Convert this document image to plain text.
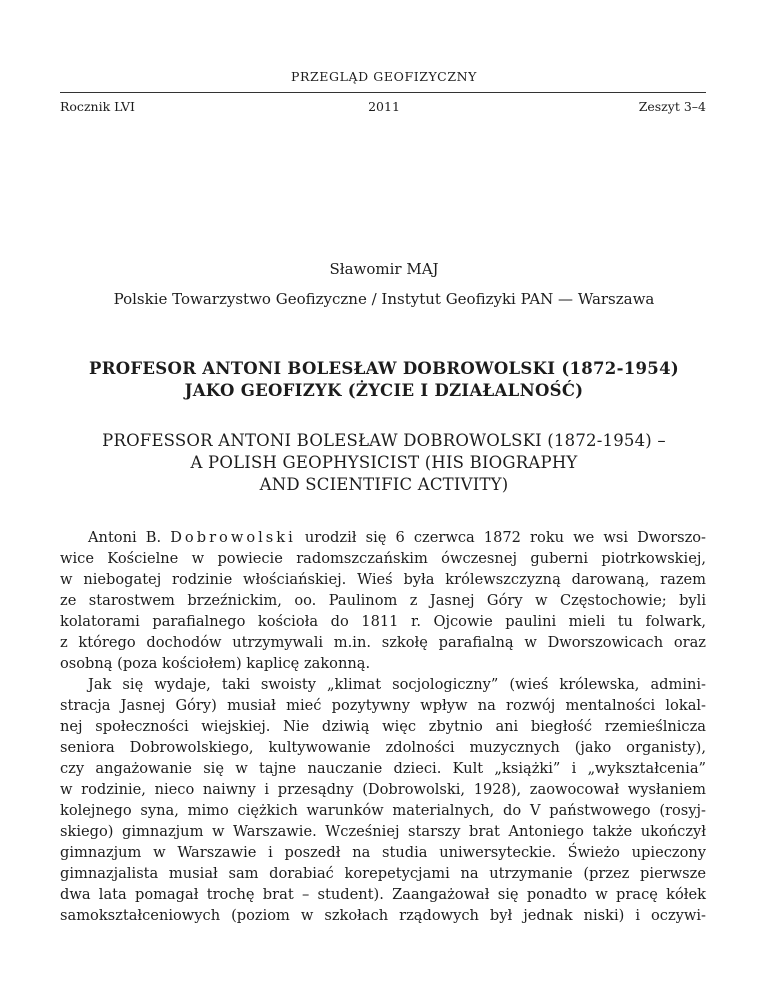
PRZEGLĄD GEOFIZYCZNY
Rocznik LVI	2011	Zeszyt 3–4
Sławomir MAJ
Polskie Towarzystwo Geofizyczne / Instytut Geofizyki PAN — Warszawa
PROFESOR ANTONI BOLESŁAW DOBROWOLSKI (1872-1954)
JAKO GEOFIZYK (ŻYCIE I DZIAŁALNOŚĆ)
PROFESSOR ANTONI BOLESŁAW DOBROWOLSKI (1872-1954) –
A POLISH GEOPHYSICIST (HIS BIOGRAPHY
AND SCIENTIFIC ACTIVITY)
Antoni B. Dobrowolski urodził się 6 czerwca 1872 roku we wsi Dworszo-
wice Kościelne w powiecie radomszczańskim ówczesnej guberni piotrkowskiej,
w niebogatej rodzinie włościańskiej. Wieś była królewszczyzną darowaną, razem
ze starostwem brzeźnickim, oo. Paulinom z Jasnej Góry w Częstochowie; byli
kolatorami parafialnego kościoła do 1811 r. Ojcowie paulini mieli tu folwark,
z którego dochodów utrzymywali m.in. szkołę parafialną w Dworszowicach oraz
osobną (poza kościołem) kaplicę zakonną.
Jak się wydaje, taki swoisty „klimat socjologiczny” (wieś królewska, admini-
stracja Jasnej Góry) musiał mieć pozytywny wpływ na rozwój mentalności lokal-
nej społeczności wiejskiej. Nie dziwią więc zbytnio ani biegłość rzemieślnicza
seniora Dobrowolskiego, kultywowanie zdolności muzycznych (jako organisty),
czy angażowanie się w tajne nauczanie dzieci. Kult „książki” i „wykształcenia”
w rodzinie, nieco naiwny i przesądny (Dobrowolski, 1928), zaowocował wysłaniem
kolejnego syna, mimo ciężkich warunków materialnych, do V państwowego (rosyj-
skiego) gimnazjum w Warszawie. Wcześniej starszy brat Antoniego także ukończył
gimnazjum w Warszawie i poszedł na studia uniwersyteckie. Świeżo upieczony
gimnazjalista musiał sam dorabiać korepetycjami na utrzymanie (przez pierwsze
dwa lata pomagał trochę brat – student). Zaangażował się ponadto w pracę kółek
samokształceniowych (poziom w szkołach rządowych był jednak niski) i oczywi-
